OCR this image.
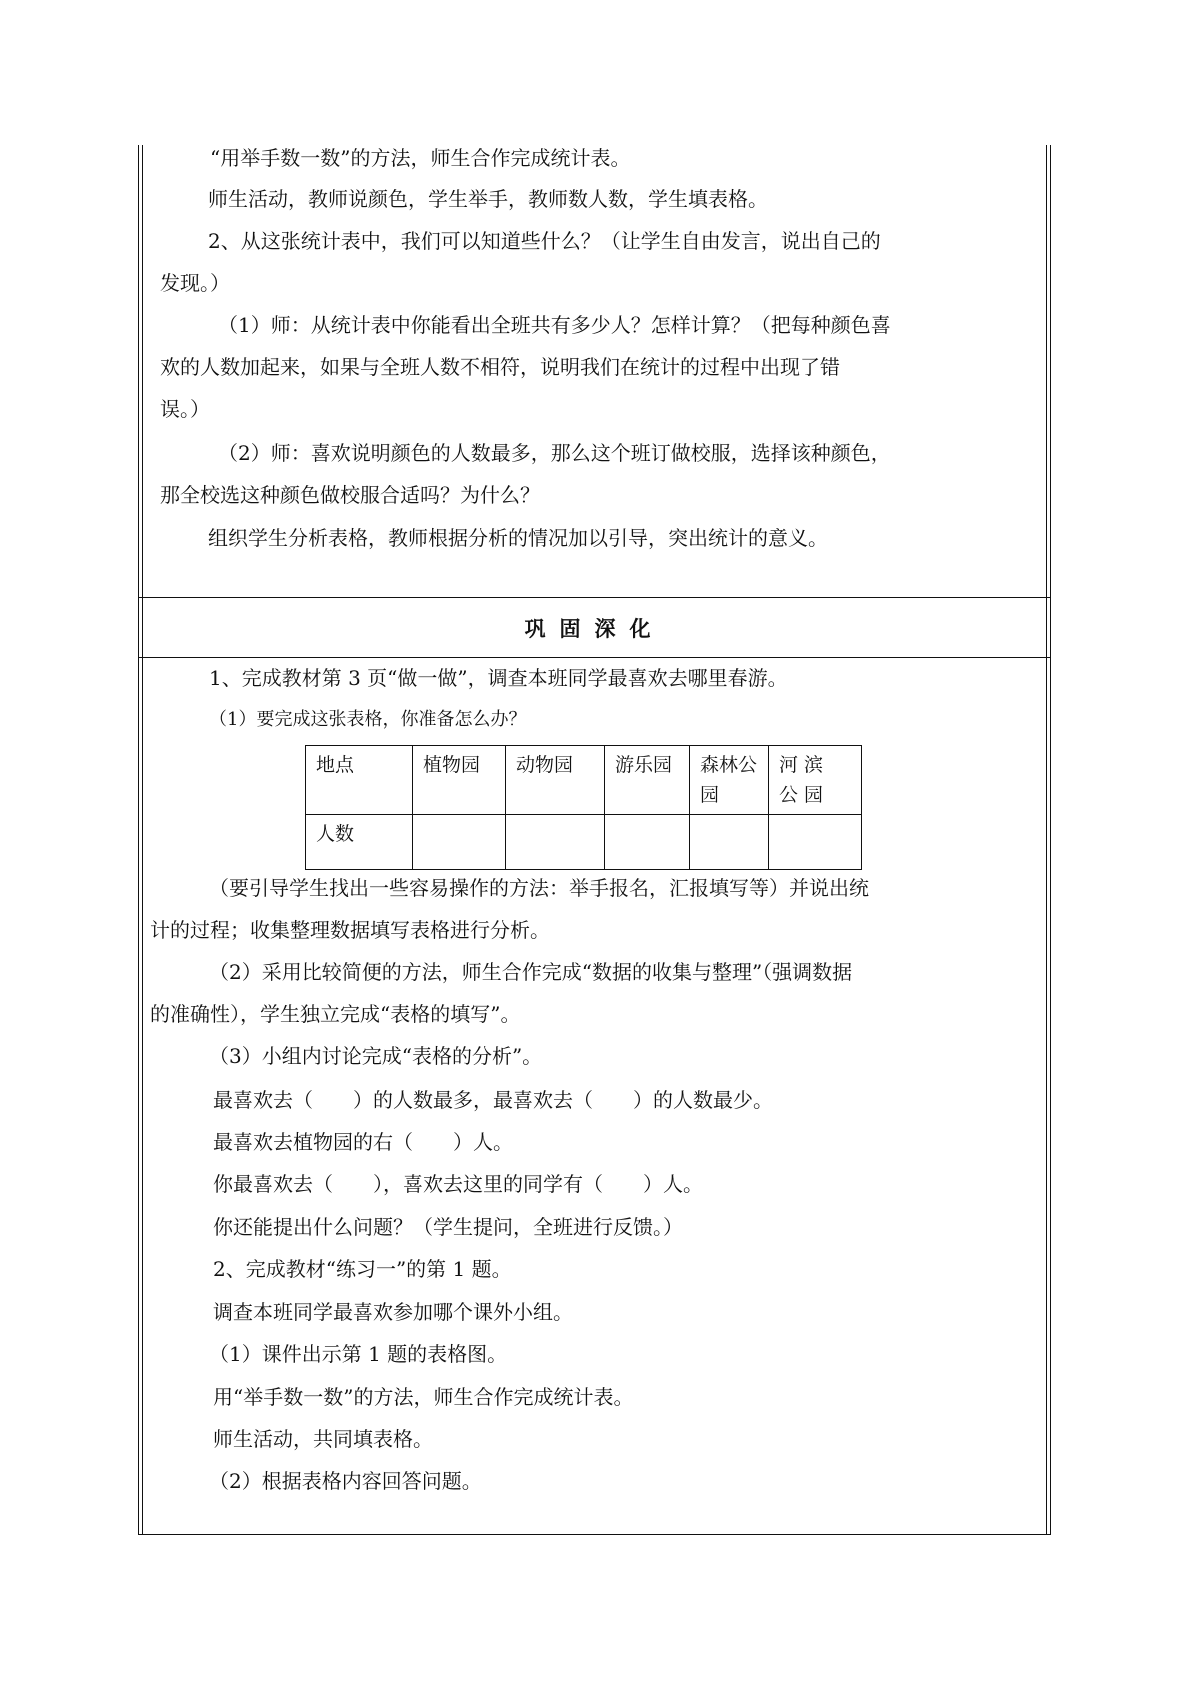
“用举手数一数”的方法，师生合作完成统计表。

师生活动，教师说颜色，学生举手，教师数人数，学生填表格。

2、从这张统计表中，我们可以知道些什么？（让学生自由发言，说出自己的

发现。）

（1）师：从统计表中你能看出全班共有多少人？怎样计算？（把每种颜色喜

欢的人数加起来，如果与全班人数不相符，说明我们在统计的过程中出现了错

误。）

（2）师：喜欢说明颜色的人数最多，那么这个班订做校服，选择该种颜色，

那全校选这种颜色做校服合适吗？为什么？

组织学生分析表格，教师根据分析的情况加以引导，突出统计的意义。

巩固深化

1、完成教材第 3 页“做一做”，调查本班同学最喜欢去哪里春游。

（1）要完成这张表格，你准备怎么办？

地点	植物园	动物园	游乐园	森林公园	河滨公园
人数					

（要引导学生找出一些容易操作的方法：举手报名，汇报填写等）并说出统

计的过程；收集整理数据填写表格进行分析。

（2）采用比较简便的方法，师生合作完成“数据的收集与整理”（强调数据

的准确性），学生独立完成“表格的填写”。

（3）小组内讨论完成“表格的分析”。

最喜欢去（　　）的人数最多，最喜欢去（　　）的人数最少。

最喜欢去植物园的右（　　）人。

你最喜欢去（　　），喜欢去这里的同学有（　　）人。

你还能提出什么问题？（学生提问，全班进行反馈。）

2、完成教材“练习一”的第 1 题。

调查本班同学最喜欢参加哪个课外小组。

（1）课件出示第 1 题的表格图。

用“举手数一数”的方法，师生合作完成统计表。

师生活动，共同填表格。

（2）根据表格内容回答问题。
